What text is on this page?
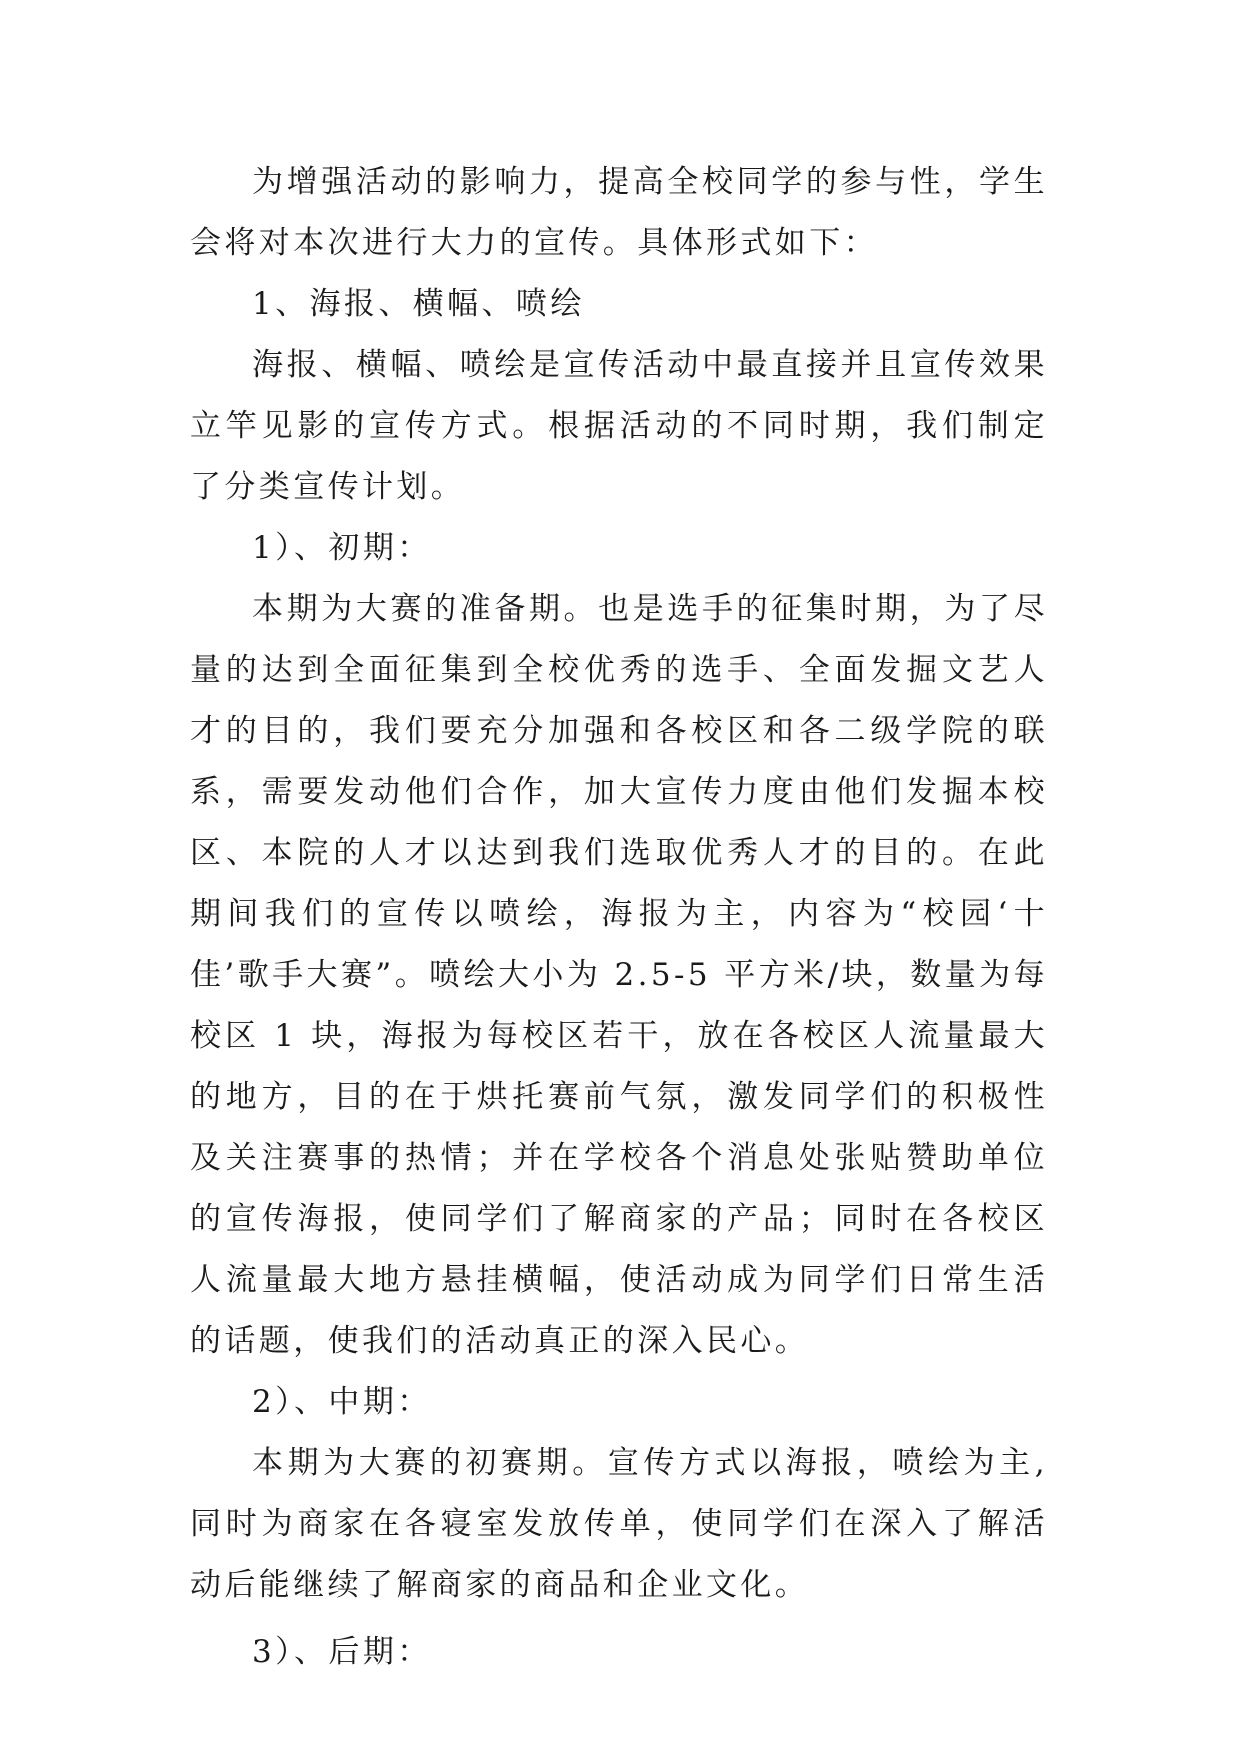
为增强活动的影响力，提高全校同学的参与性，学生会将对本次进行大力的宣传。具体形式如下：

1、海报、横幅、喷绘

海报、横幅、喷绘是宣传活动中最直接并且宣传效果立竿见影的宣传方式。根据活动的不同时期，我们制定了分类宣传计划。

1）、初期：

本期为大赛的准备期。也是选手的征集时期，为了尽量的达到全面征集到全校优秀的选手、全面发掘文艺人才的目的，我们要充分加强和各校区和各二级学院的联系，需要发动他们合作，加大宣传力度由他们发掘本校区、本院的人才以达到我们选取优秀人才的目的。在此期间我们的宣传以喷绘，海报为主，内容为“校园‘十佳’歌手大赛”。喷绘大小为 2.5-5 平方米/块，数量为每校区 1 块，海报为每校区若干，放在各校区人流量最大的地方，目的在于烘托赛前气氛，激发同学们的积极性及关注赛事的热情；并在学校各个消息处张贴赞助单位的宣传海报，使同学们了解商家的产品；同时在各校区人流量最大地方悬挂横幅，使活动成为同学们日常生活的话题，使我们的活动真正的深入民心。

2）、中期：

本期为大赛的初赛期。宣传方式以海报，喷绘为主,同时为商家在各寝室发放传单，使同学们在深入了解活动后能继续了解商家的商品和企业文化。

3）、后期：
